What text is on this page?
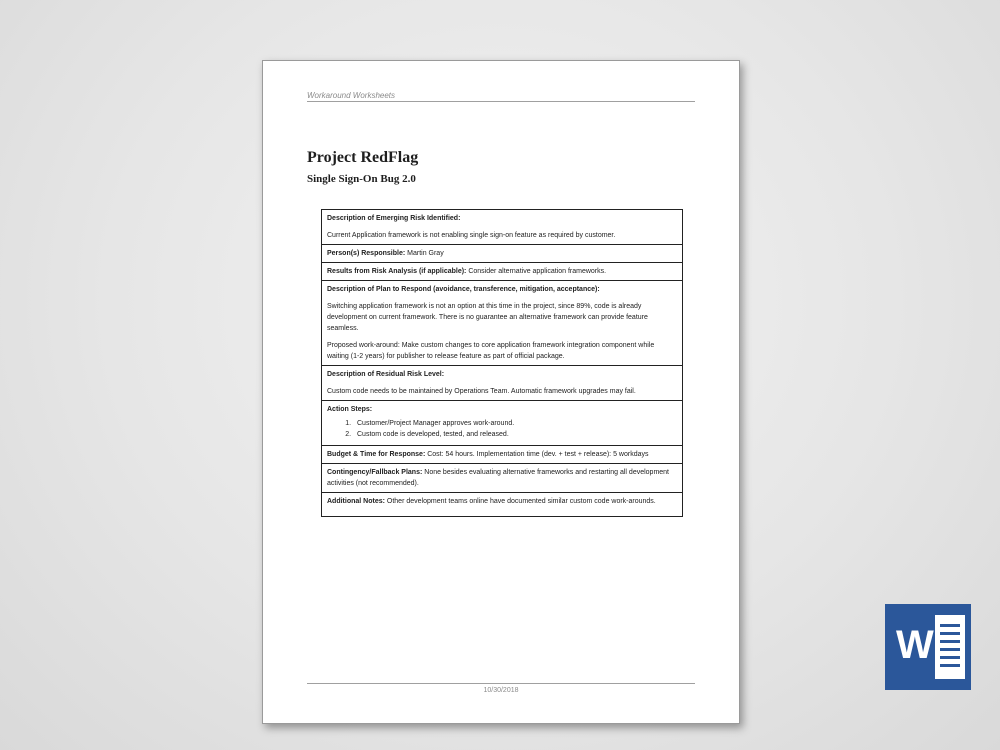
Workaround Worksheets
Project RedFlag
Single Sign-On Bug 2.0
Description of Emerging Risk Identified:

Current Application framework is not enabling single sign-on feature as required by customer.

Person(s) Responsible: Martin Gray
Results from Risk Analysis (if applicable): Consider alternative application frameworks.
Description of Plan to Respond (avoidance, transference, mitigation, acceptance):

Switching application framework is not an option at this time in the project, since 89%, code is already development on current framework. There is no guarantee an alternative framework can provide feature seamless.

Proposed work-around: Make custom changes to core application framework integration component while waiting (1-2 years) for publisher to release feature as part of official package.

Description of Residual Risk Level:

Custom code needs to be maintained by Operations Team. Automatic framework upgrades may fail.

Action Steps:
1. Customer/Project Manager approves work-around.
2. Custom code is developed, tested, and released.
Budget & Time for Response: Cost: 54 hours. Implementation time (dev. + test + release): 5 workdays
Contingency/Fallback Plans: None besides evaluating alternative frameworks and restarting all development activities (not recommended).
Additional Notes: Other development teams online have documented similar custom code work-arounds.
10/30/2018
W
